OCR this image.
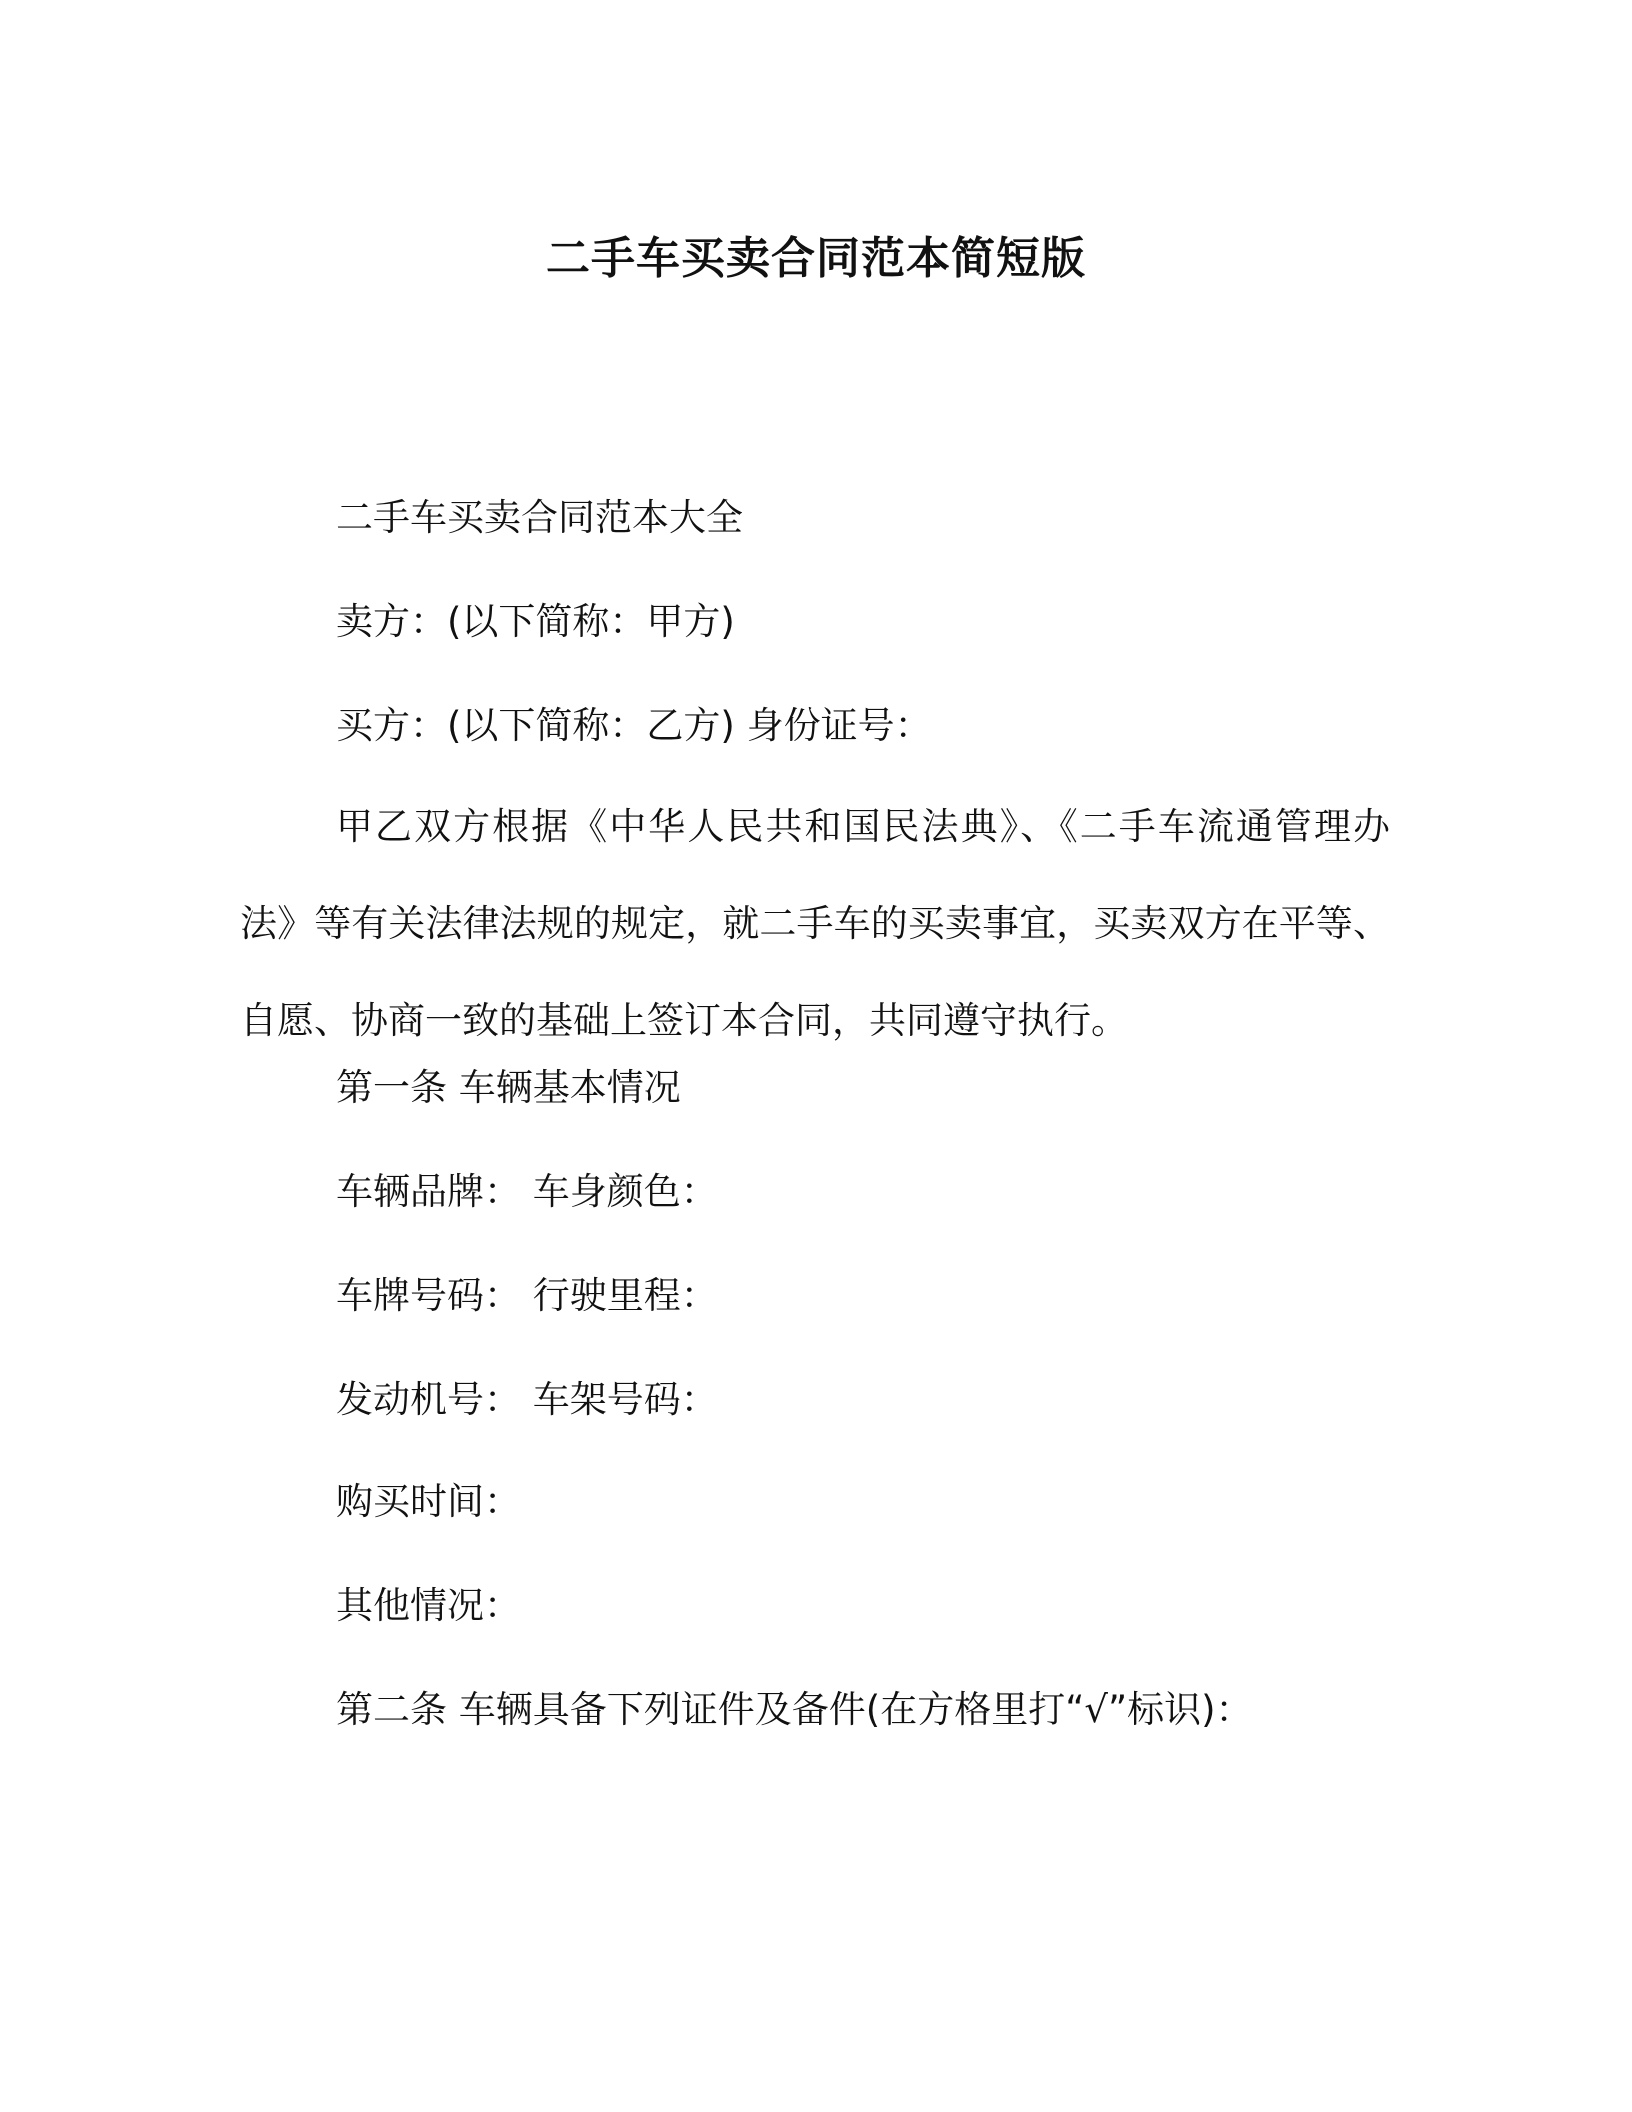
二手车买卖合同范本简短版

二手车买卖合同范本大全

卖方：(以下简称：甲方)

买方：(以下简称：乙方) 身份证号：

甲乙双方根据《中华人民共和国民法典》、《二手车流通管理办法》等有关法律法规的规定，就二手车的买卖事宜，买卖双方在平等、自愿、协商一致的基础上签订本合同，共同遵守执行。

第一条 车辆基本情况

车辆品牌： 车身颜色：

车牌号码： 行驶里程：

发动机号： 车架号码：

购买时间：

其他情况：

第二条 车辆具备下列证件及备件(在方格里打“√”标识)：
